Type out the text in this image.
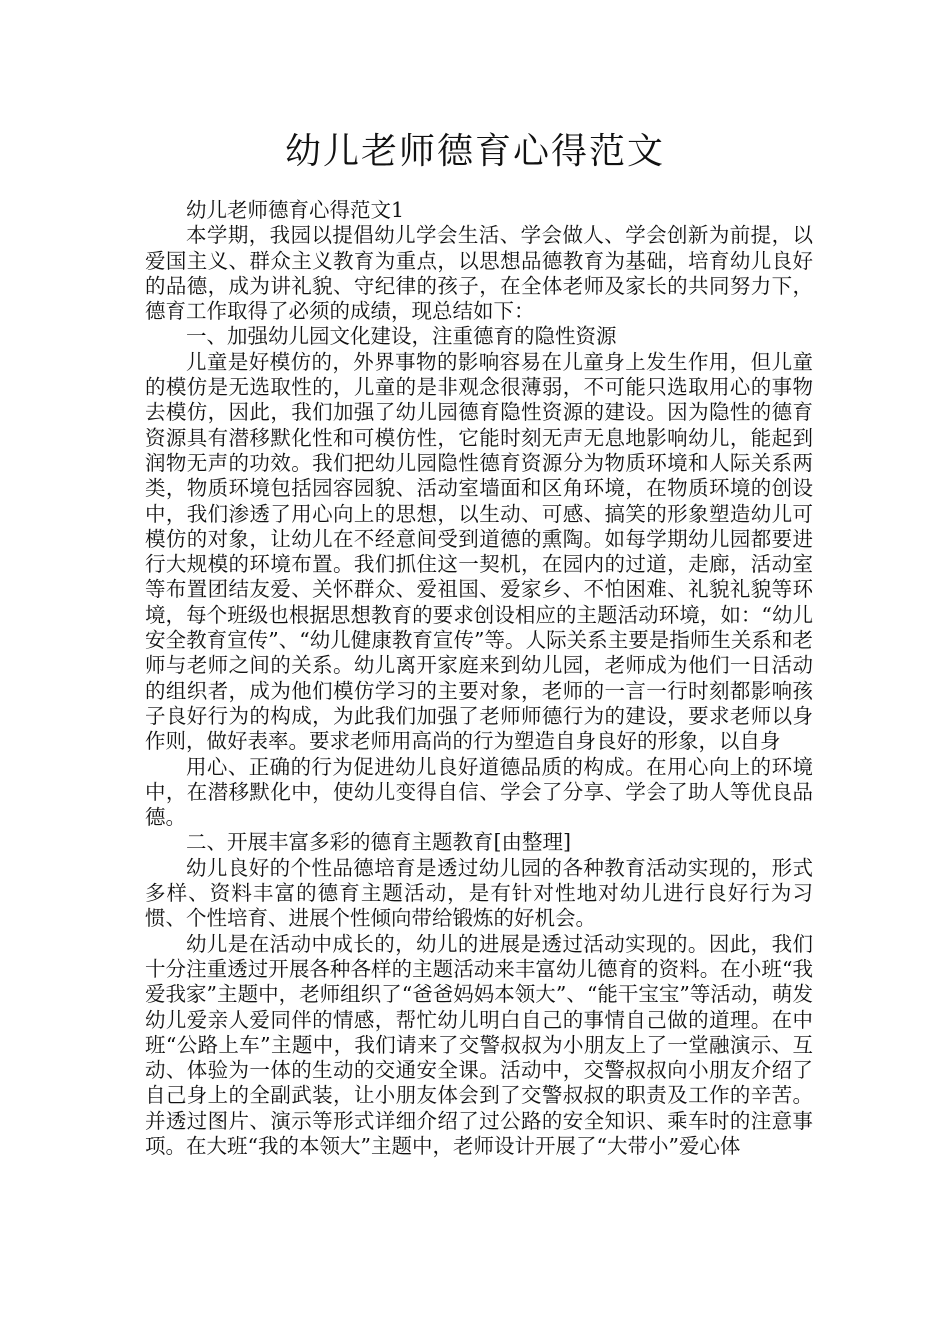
幼儿老师德育心得范文

幼儿老师德育心得范文1

本学期，我园以提倡幼儿学会生活、学会做人、学会创新为前提，以爱国主义、群众主义教育为重点，以思想品德教育为基础，培育幼儿良好的品德，成为讲礼貌、守纪律的孩子，在全体老师及家长的共同努力下，德育工作取得了必须的成绩，现总结如下：

一、加强幼儿园文化建设，注重德育的隐性资源

儿童是好模仿的，外界事物的影响容易在儿童身上发生作用，但儿童的模仿是无选取性的，儿童的是非观念很薄弱，不可能只选取用心的事物去模仿，因此，我们加强了幼儿园德育隐性资源的建设。因为隐性的德育资源具有潜移默化性和可模仿性，它能时刻无声无息地影响幼儿，能起到润物无声的功效。我们把幼儿园隐性德育资源分为物质环境和人际关系两类，物质环境包括园容园貌、活动室墙面和区角环境，在物质环境的创设中，我们渗透了用心向上的思想，以生动、可感、搞笑的形象塑造幼儿可模仿的对象，让幼儿在不经意间受到道德的熏陶。如每学期幼儿园都要进行大规模的环境布置。我们抓住这一契机，在园内的过道，走廊，活动室等布置团结友爱、关怀群众、爱祖国、爱家乡、不怕困难、礼貌礼貌等环境，每个班级也根据思想教育的要求创设相应的主题活动环境，如：“幼儿安全教育宣传”、“幼儿健康教育宣传”等。人际关系主要是指师生关系和老师与老师之间的关系。幼儿离开家庭来到幼儿园，老师成为他们一日活动的组织者，成为他们模仿学习的主要对象，老师的一言一行时刻都影响孩子良好行为的构成，为此我们加强了老师师德行为的建设，要求老师以身作则，做好表率。要求老师用高尚的行为塑造自身良好的形象，以自身

用心、正确的行为促进幼儿良好道德品质的构成。在用心向上的环境中，在潜移默化中，使幼儿变得自信、学会了分享、学会了助人等优良品德。

二、开展丰富多彩的德育主题教育[由整理]

幼儿良好的个性品德培育是透过幼儿园的各种教育活动实现的，形式多样、资料丰富的德育主题活动，是有针对性地对幼儿进行良好行为习惯、个性培育、进展个性倾向带给锻炼的好机会。

幼儿是在活动中成长的，幼儿的进展是透过活动实现的。因此，我们十分注重透过开展各种各样的主题活动来丰富幼儿德育的资料。在小班“我爱我家”主题中，老师组织了“爸爸妈妈本领大”、“能干宝宝”等活动，萌发幼儿爱亲人爱同伴的情感，帮忙幼儿明白自己的事情自己做的道理。在中班“公路上车”主题中，我们请来了交警叔叔为小朋友上了一堂融演示、互动、体验为一体的生动的交通安全课。活动中，交警叔叔向小朋友介绍了自己身上的全副武装，让小朋友体会到了交警叔叔的职责及工作的辛苦。并透过图片、演示等形式详细介绍了过公路的安全知识、乘车时的注意事项。在大班“我的本领大”主题中，老师设计开展了“大带小”爱心体
